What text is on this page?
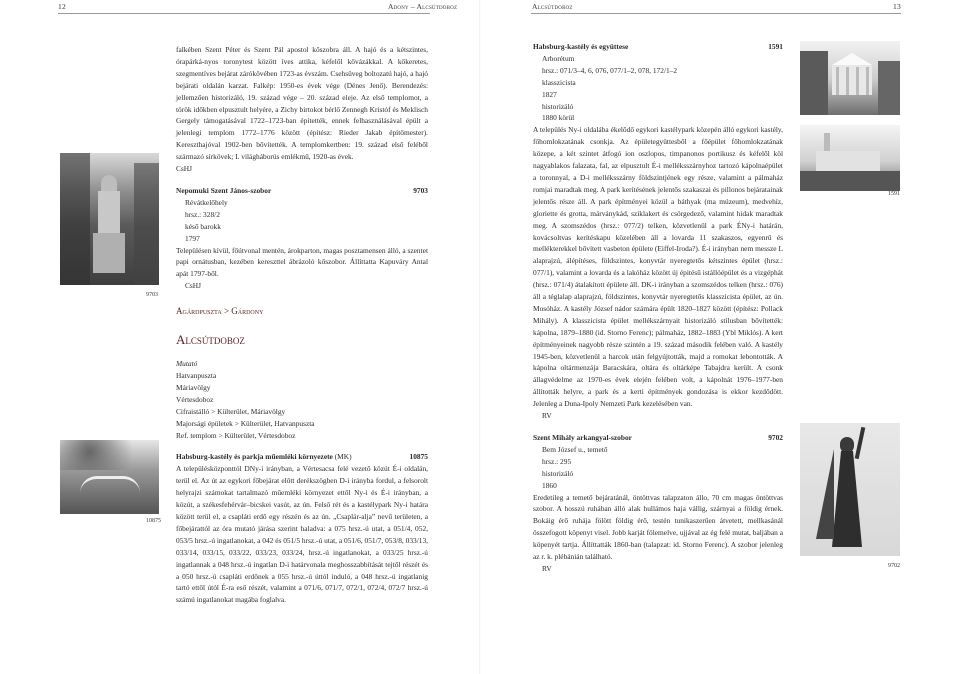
12	Adony – Alcsútdoboz	Alcsútdoboz	13
9703
10875
1591
9702

falkében Szent Péter és Szent Pál apostol kőszobra áll. A hajó és a kétszintes, órapárká-nyos toronytest között íves attika, kéfelől kővázákkal. A kőkeretes, szegmentíves bejárat zárókövében 1723-as évszám. Csehsüveg boltozatú hajó, a hajó bejárati oldalán karzat. Falkép: 1950-es évek vége (Dénes Jenő). Berendezés: jellemzően historizáló, 19. század vége – 20. század eleje. Az első templomot, a török időkben elpusztult helyére, a Zichy birtokot bérlő Zennegh Kristóf és Meklisch Gergely támogatásával 1722–1723-ban építették, ennek felhasználásával épült a jelenlegi templom 1772–1776 között (építész: Rieder Jakab építőmester). Kereszthajóval 1902-ben bővítették. A templomkertben: 19. század első feléből származó sírkövek; I. világháborús emlékmű, 1920-as évek.

CsHJ

Nepomuki Szent János-szobor	9703

Révátkelőhely

hrsz.: 328/2

késő barokk

1797

Településen kívül, főútvonal mentén, árokparton, magas posztamensen álló, a szentet papi ornátusban, kezében kereszttel ábrázoló kőszobor. Állíttatta Kapuváry Antal apát 1797-ből.

CsHJ

Agárdpuszta > Gárdony

Alcsútdoboz

Mutató

Hatvanpuszta

Máriavölgy

Vértesdoboz

Cifraistálló > Külterület, Máriavölgy

Majorsági épületek > Külterület, Hatvanpuszta

Ref. templom > Külterület, Vértesdoboz

Habsburg-kastély és parkja műemléki környezete (MK)	10875

A településközponttól DNy-i irányban, a Vértesacsa felé vezető közút É-i oldalán, terül el. Az út az egykori főbejárat előtt derékszögben D-i irányba fordul, a felsorolt helyrajzi számokat tartalmazó műemléki környezet ettől Ny-i és É-i irányban, a közút, a székesfehérvár–bicskei vasút, az ún. Felső rét és a kastélypark Ny-i határa között terül el, a csapláti erdő egy részén és az ún. „Csaplár-alja” nevű területen, a főbejárattól az óra mutató járása szerint haladva: a 075 hrsz.-ú utat, a 051/4, 052, 053/5 hrsz.-ú ingatlanokat, a 042 és 051/5 hrsz.-ú utat, a 051/6, 051/7, 053/8, 033/13, 033/14, 033/15, 033/22, 033/23, 033/24, hrsz.-ú ingatlanokat, a 033/25 hrsz.-ú ingatlannak a 048 hrsz.-ú ingatlan D-i határvonala meghosszabbítását tejtől részét és a 050 hrsz.-ú csapláti erdőnek a 055 hrsz.-ú úttól induló, a 048 hrsz.-ú ingatlanig tartó ettől útól É-ra eső részét, valamint a 071/6, 071/7, 072/1, 072/4, 072/7 hrsz.-ú számú ingatlanokat magába foglalva.

Habsburg-kastély és együttese	1591

Arborétum

hrsz.: 071/3–4, 6, 076, 077/1–2, 078, 172/1–2

klasszicista

1827

historizáló

1880 körül

A település Ny-i oldalába ékelődő egykori kastélypark közepén álló egykori kastély, főhomlokzatának csonkja. Az épületegyüttesből a főépület főhomlokzatának közepe, a két szintet átfogó ion oszlopos, timpanonos portikusz és kéfelől köl nagyablakos falazata, fal, az elpusztult É-i melléksszárnyhoz tartozó kápolnaépület a toronnyal, a D-i melléksszárny földszintjének egy része, valamint a pálmaház romjai maradtak meg. A park kerítésének jelentős szakaszai és pillonos bejáratainak jelentős része áll. A park építményei közül a báthyak (ma múzeum), medvehíz, gloriette és grotta, márványkád, sziklakert és csörgedező, valamint hidak maradtak meg. A szomszédos (hrsz.: 077/2) telken, közvetlenül a park ÉNy-i határán, kovácsoltvas kerítéskapu közelében áll a lovarda 11 szakaszos, egyenrű és mellékterekkel bővített vasbeton épülete (Eiffel-Iroda?). É-i irányban nem messze L alaprajzú, álépítéses, földszintes, konyvtár nyeregtetős kétszintes épület (hrsz.: 077/1), valamint a lovarda és a lakóház között új épitésű istállóépület és a vizgéphát (hrsz.: 071/4) átalakított épülete áll. DK-i irányban a szomszédos telken (hrsz.: 076) áll a téglalap alaprajzú, földszintes, konyvtár nyeregtetős klasszicista épület, az ún. Mosóház. A kastély József nádor számára épült 1820–1827 között (építész: Pollack Mihály). A klasszicista épület mellékszárnyait historizáló stílusban bővítették: kápolna, 1879–1880 (id. Storno Ferenc); pálmaház, 1882–1883 (Ybl Miklós). A kert építményeinek nagyobb része szintén a 19. század második felében való. A kastély 1945-ben, közvetlenül a harcok után felgyújtották, majd a romokat lebontották. A kápolna oltármenzája Baracskára, oltára és oltárképe Tabajdra került. A csonk állagvédelme az 1970-es évek elején felében volt, a kápolnát 1976–1977-ben állították helyre, a park és a kerti építmények gondozása is ekkor kezdődött. Jelenleg a Duna-Ipoly Nemzeti Park kezelésében van.

RV

Szent Mihály arkangyal-szobor	9702

Bem József u., temető

hrsz.: 295

historizáló

1860

Eredetileg a temető bejáratánál, öntöttvas talapzaton állo, 70 cm magas öntöttvas szobor. A hosszú ruhában álló alak hullámos haja vállig, szárnyai a földig érnek. Bokáig érő ruhája fölött földig érő, testén tunikaszerűen átvetett, mellkasánál összefogott köpenyt visel. Jobb karját fölemelve, ujjával az ég felé mutat, baljában a köpenyét tartja. Állíttatták 1860-ban (talapzat: id. Storno Ferenc). A szobor jelenleg az r. k. plébánián található.

RV
